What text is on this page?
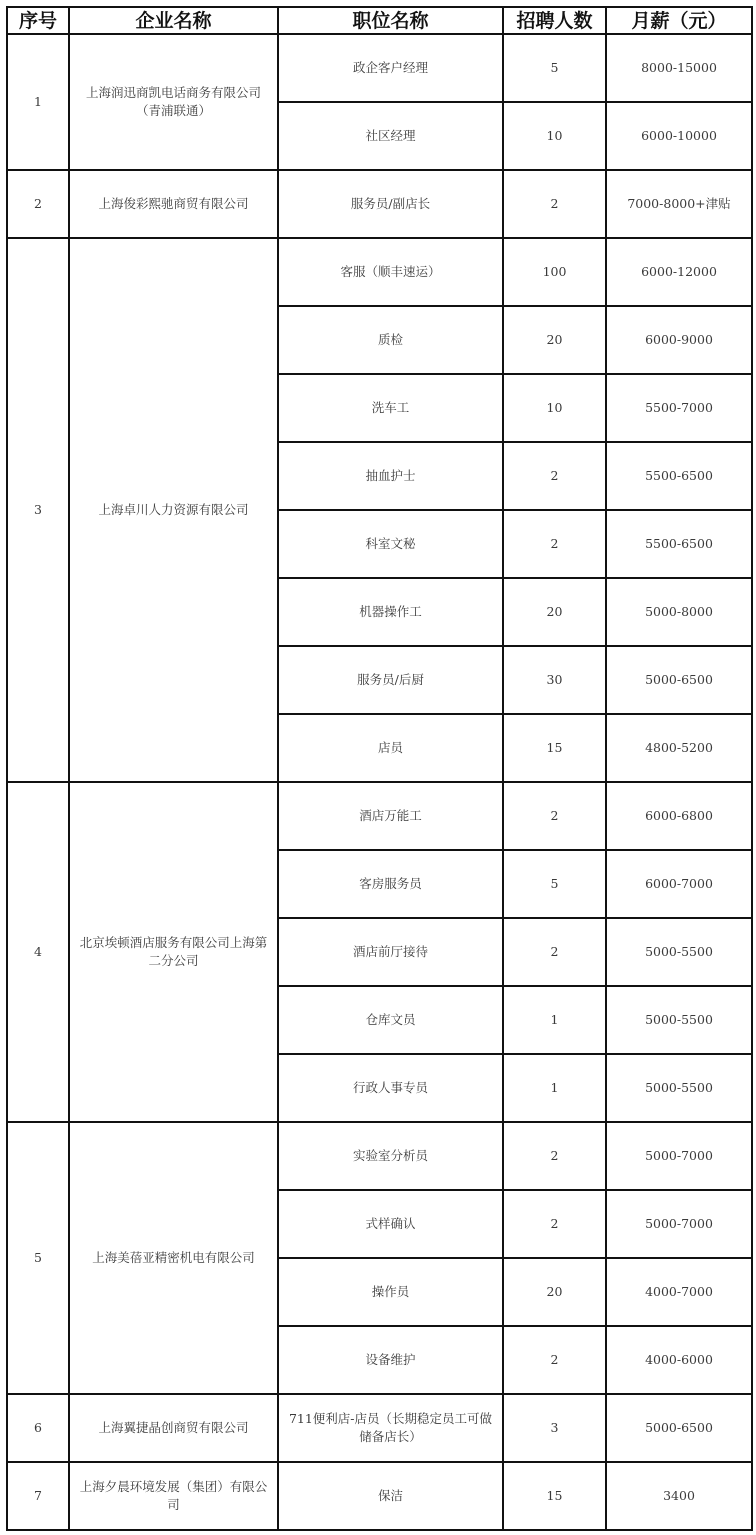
序号	企业名称	职位名称	招聘人数	月薪（元）
1	上海润迅商凯电话商务有限公司（青浦联通）	政企客户经理	5	8000-15000
		社区经理	10	6000-10000
2	上海俊彩熙驰商贸有限公司	服务员/副店长	2	7000-8000+津贴
3	上海卓川人力资源有限公司	客服（顺丰速运）	100	6000-12000
		质检	20	6000-9000
		洗车工	10	5500-7000
		抽血护士	2	5500-6500
		科室文秘	2	5500-6500
		机器操作工	20	5000-8000
		服务员/后厨	30	5000-6500
		店员	15	4800-5200
4	北京埃顿酒店服务有限公司上海第二分公司	酒店万能工	2	6000-6800
		客房服务员	5	6000-7000
		酒店前厅接待	2	5000-5500
		仓库文员	1	5000-5500
		行政人事专员	1	5000-5500
5	上海美蓓亚精密机电有限公司	实验室分析员	2	5000-7000
		式样确认	2	5000-7000
		操作员	20	4000-7000
		设备维护	2	4000-6000
6	上海翼捷晶创商贸有限公司	711便利店-店员（长期稳定员工可做储备店长）	3	5000-6500
7	上海夕晨环境发展（集团）有限公司	保洁	15	3400
